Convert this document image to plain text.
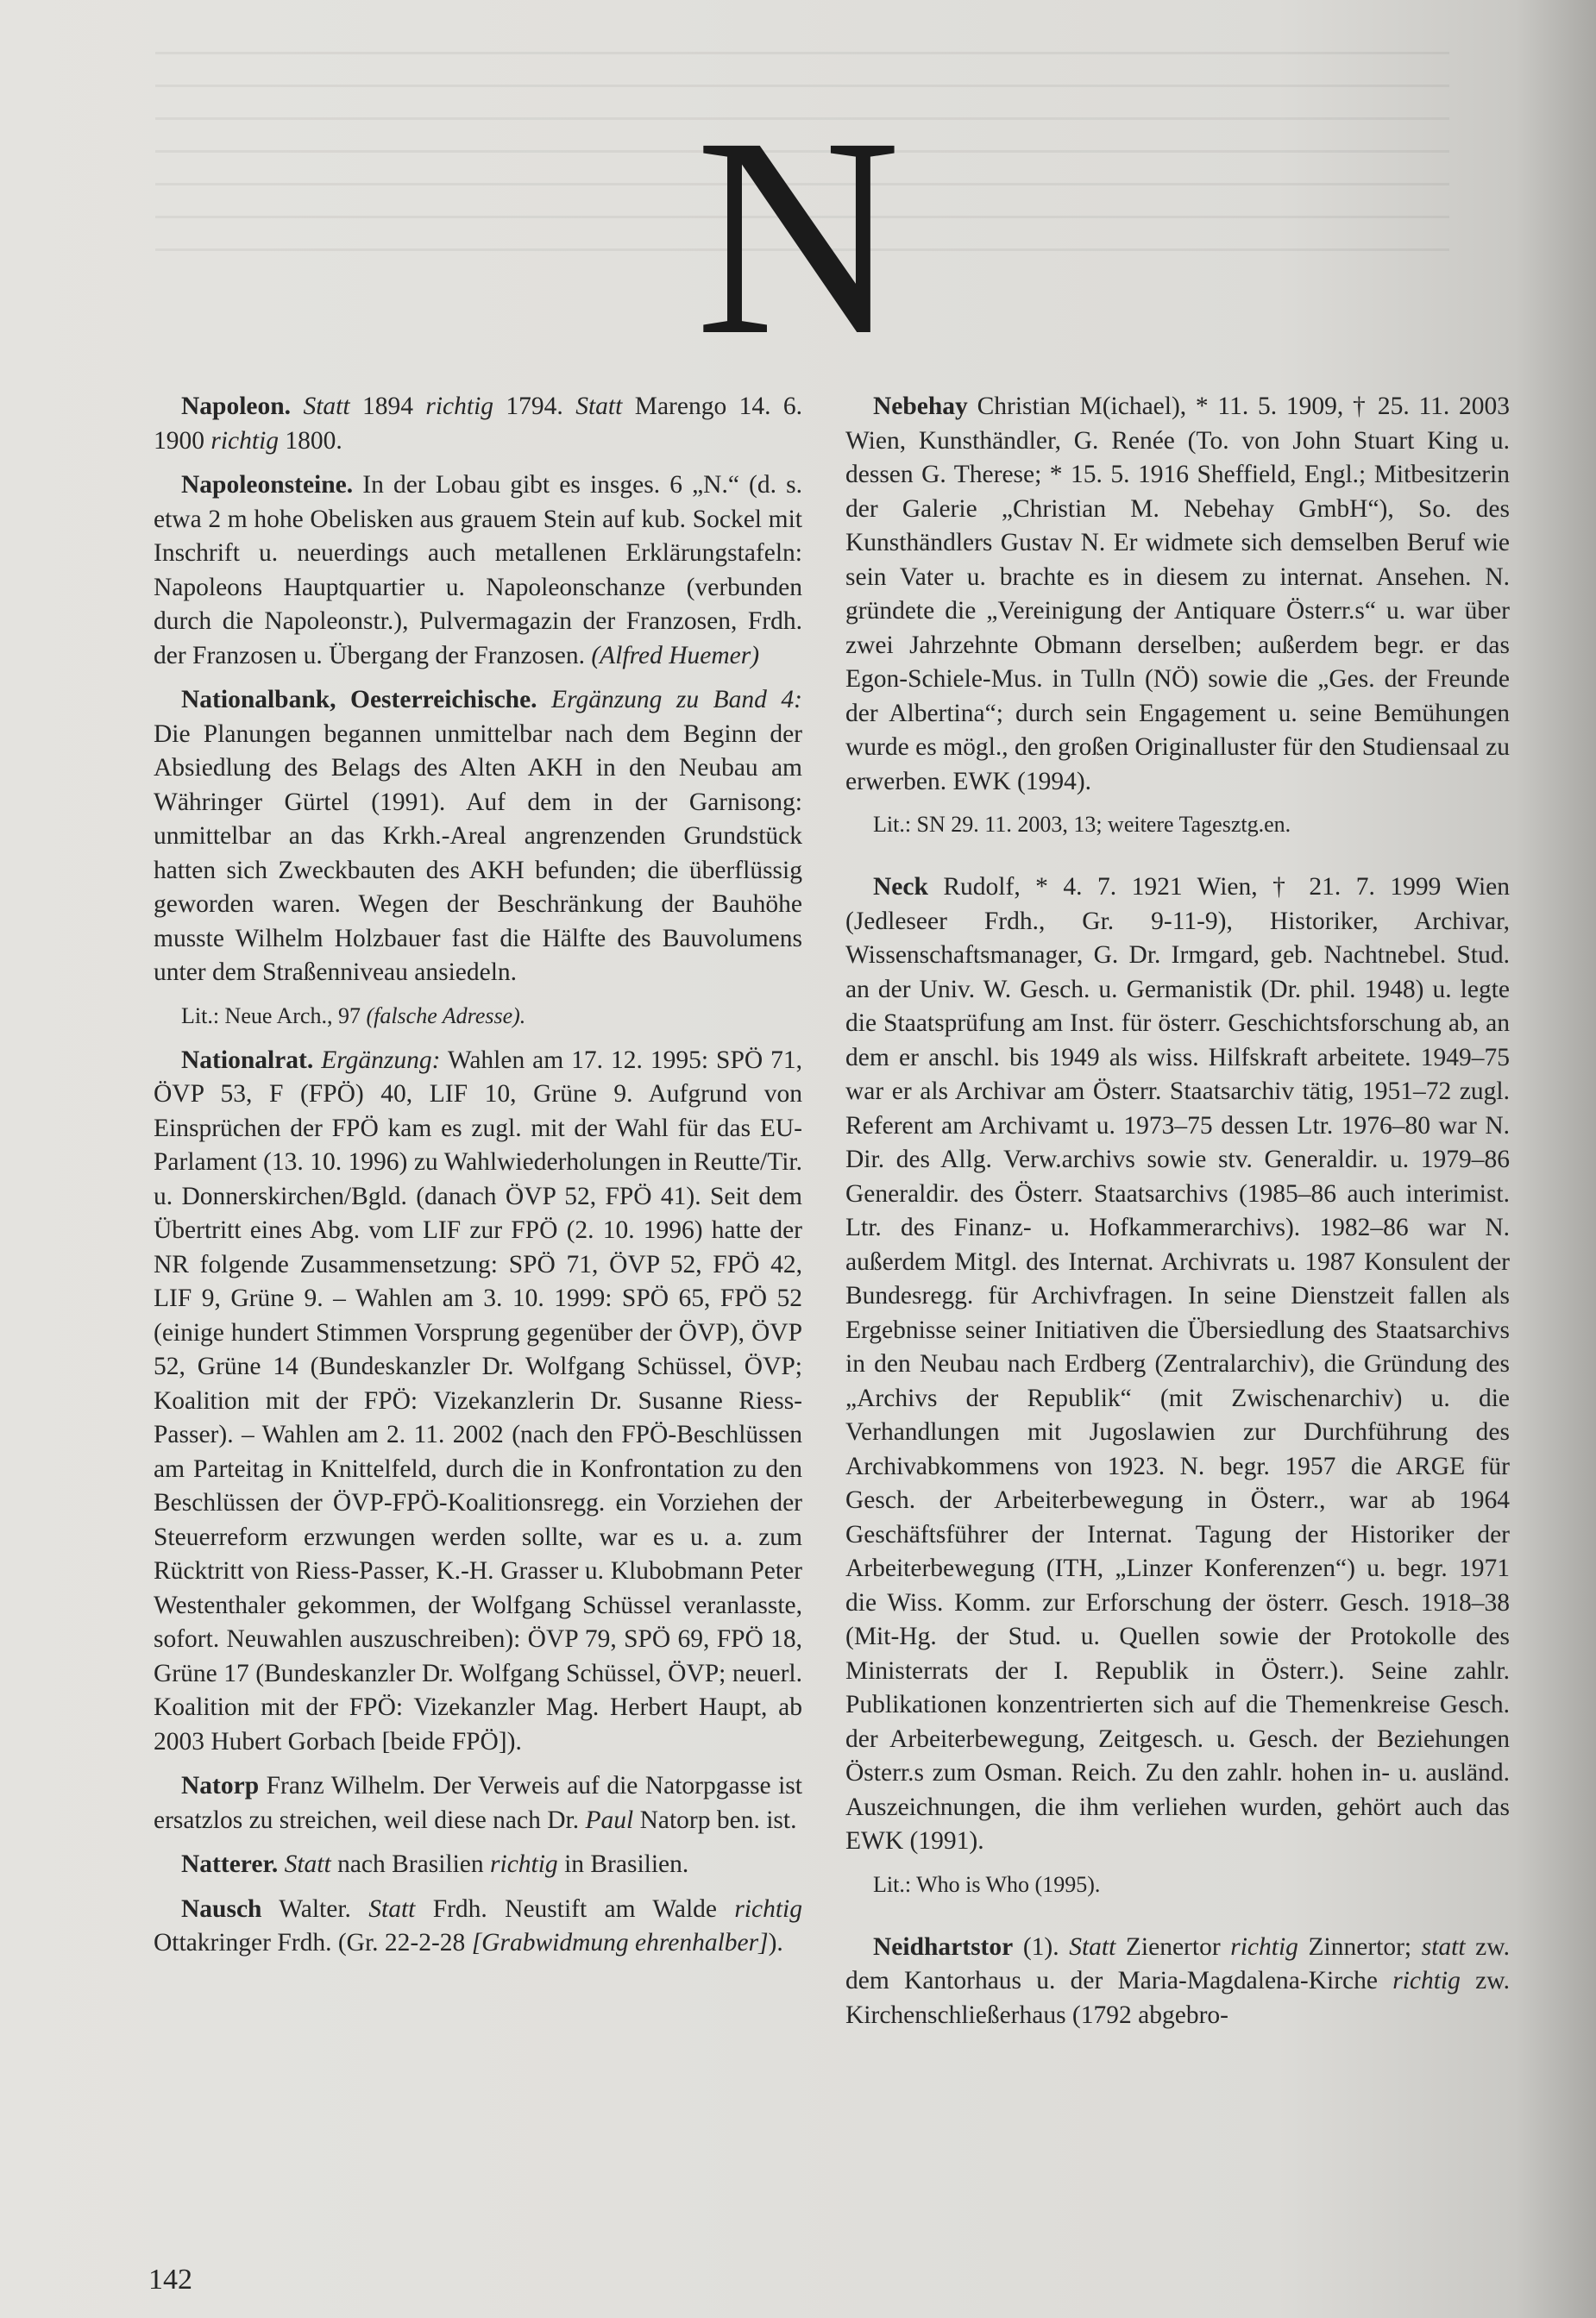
N
Napoleon. Statt 1894 richtig 1794. Statt Marengo 14. 6. 1900 richtig 1800.
Napoleonsteine. In der Lobau gibt es insges. 6 „N.“ (d. s. etwa 2 m hohe Obelisken aus grauem Stein auf kub. Sockel mit Inschrift u. neuerdings auch metallenen Erklärungstafeln: Napoleons Hauptquartier u. Napoleonschanze (verbunden durch die Napoleonstr.), Pulvermagazin der Franzosen, Frdh. der Franzosen u. Übergang der Franzosen. (Alfred Huemer)
Nationalbank, Oesterreichische. Ergänzung zu Band 4: Die Planungen begannen unmittelbar nach dem Beginn der Absiedlung des Belags des Alten AKH in den Neubau am Währinger Gürtel (1991). Auf dem in der Garnisong: unmittelbar an das Krkh.-Areal angrenzenden Grundstück hatten sich Zweckbauten des AKH befunden; die überflüssig geworden waren. Wegen der Beschränkung der Bauhöhe musste Wilhelm Holzbauer fast die Hälfte des Bauvolumens unter dem Straßenniveau ansiedeln.
Lit.: Neue Arch., 97 (falsche Adresse).
Nationalrat. Ergänzung: Wahlen am 17. 12. 1995: SPÖ 71, ÖVP 53, F (FPÖ) 40, LIF 10, Grüne 9. Aufgrund von Einsprüchen der FPÖ kam es zugl. mit der Wahl für das EU-Parlament (13. 10. 1996) zu Wahlwiederholungen in Reutte/Tir. u. Donnerskirchen/Bgld. (danach ÖVP 52, FPÖ 41). Seit dem Übertritt eines Abg. vom LIF zur FPÖ (2. 10. 1996) hatte der NR folgende Zusammensetzung: SPÖ 71, ÖVP 52, FPÖ 42, LIF 9, Grüne 9. – Wahlen am 3. 10. 1999: SPÖ 65, FPÖ 52 (einige hundert Stimmen Vorsprung gegenüber der ÖVP), ÖVP 52, Grüne 14 (Bundeskanzler Dr. Wolfgang Schüssel, ÖVP; Koalition mit der FPÖ: Vizekanzlerin Dr. Susanne Riess-Passer). – Wahlen am 2. 11. 2002 (nach den FPÖ-Beschlüssen am Parteitag in Knittelfeld, durch die in Konfrontation zu den Beschlüssen der ÖVP-FPÖ-Koalitionsregg. ein Vorziehen der Steuerreform erzwungen werden sollte, war es u. a. zum Rücktritt von Riess-Passer, K.-H. Grasser u. Klubobmann Peter Westenthaler gekommen, der Wolfgang Schüssel veranlasste, sofort. Neuwahlen auszuschreiben): ÖVP 79, SPÖ 69, FPÖ 18, Grüne 17 (Bundeskanzler Dr. Wolfgang Schüssel, ÖVP; neuerl. Koalition mit der FPÖ: Vizekanzler Mag. Herbert Haupt, ab 2003 Hubert Gorbach [beide FPÖ]).
Natorp Franz Wilhelm. Der Verweis auf die Natorpgasse ist ersatzlos zu streichen, weil diese nach Dr. Paul Natorp ben. ist.
Natterer. Statt nach Brasilien richtig in Brasilien.
Nausch Walter. Statt Frdh. Neustift am Walde richtig Ottakringer Frdh. (Gr. 22-2-28 [Grabwidmung ehrenhalber]).
Nebehay Christian M(ichael), * 11. 5. 1909, † 25. 11. 2003 Wien, Kunsthändler, G. Renée (To. von John Stuart King u. dessen G. Therese; * 15. 5. 1916 Sheffield, Engl.; Mitbesitzerin der Galerie „Christian M. Nebehay GmbH“), So. des Kunsthändlers Gustav N. Er widmete sich demselben Beruf wie sein Vater u. brachte es in diesem zu internat. Ansehen. N. gründete die „Vereinigung der Antiquare Österr.s“ u. war über zwei Jahrzehnte Obmann derselben; außerdem begr. er das Egon-Schiele-Mus. in Tulln (NÖ) sowie die „Ges. der Freunde der Albertina“; durch sein Engagement u. seine Bemühungen wurde es mögl., den großen Originalluster für den Studiensaal zu erwerben. EWK (1994).
Lit.: SN 29. 11. 2003, 13; weitere Tagesztg.en.
Neck Rudolf, * 4. 7. 1921 Wien, † 21. 7. 1999 Wien (Jedleseer Frdh., Gr. 9-11-9), Historiker, Archivar, Wissenschaftsmanager, G. Dr. Irmgard, geb. Nachtnebel. Stud. an der Univ. W. Gesch. u. Germanistik (Dr. phil. 1948) u. legte die Staatsprüfung am Inst. für österr. Geschichtsforschung ab, an dem er anschl. bis 1949 als wiss. Hilfskraft arbeitete. 1949–75 war er als Archivar am Österr. Staatsarchiv tätig, 1951–72 zugl. Referent am Archivamt u. 1973–75 dessen Ltr. 1976–80 war N. Dir. des Allg. Verw.archivs sowie stv. Generaldir. u. 1979–86 Generaldir. des Österr. Staatsarchivs (1985–86 auch interimist. Ltr. des Finanz- u. Hofkammerarchivs). 1982–86 war N. außerdem Mitgl. des Internat. Archivrats u. 1987 Konsulent der Bundesregg. für Archivfragen. In seine Dienstzeit fallen als Ergebnisse seiner Initiativen die Übersiedlung des Staatsarchivs in den Neubau nach Erdberg (Zentralarchiv), die Gründung des „Archivs der Republik“ (mit Zwischenarchiv) u. die Verhandlungen mit Jugoslawien zur Durchführung des Archivabkommens von 1923. N. begr. 1957 die ARGE für Gesch. der Arbeiterbewegung in Österr., war ab 1964 Geschäftsführer der Internat. Tagung der Historiker der Arbeiterbewegung (ITH, „Linzer Konferenzen“) u. begr. 1971 die Wiss. Komm. zur Erforschung der österr. Gesch. 1918–38 (Mit-Hg. der Stud. u. Quellen sowie der Protokolle des Ministerrats der I. Republik in Österr.). Seine zahlr. Publikationen konzentrierten sich auf die Themenkreise Gesch. der Arbeiterbewegung, Zeitgesch. u. Gesch. der Beziehungen Österr.s zum Osman. Reich. Zu den zahlr. hohen in- u. ausländ. Auszeichnungen, die ihm verliehen wurden, gehört auch das EWK (1991).
Lit.: Who is Who (1995).
Neidhartstor (1). Statt Zienertor richtig Zinnertor; statt zw. dem Kantorhaus u. der Maria-Magdalena-Kirche richtig zw. Kirchenschließerhaus (1792 abgebro-
142
